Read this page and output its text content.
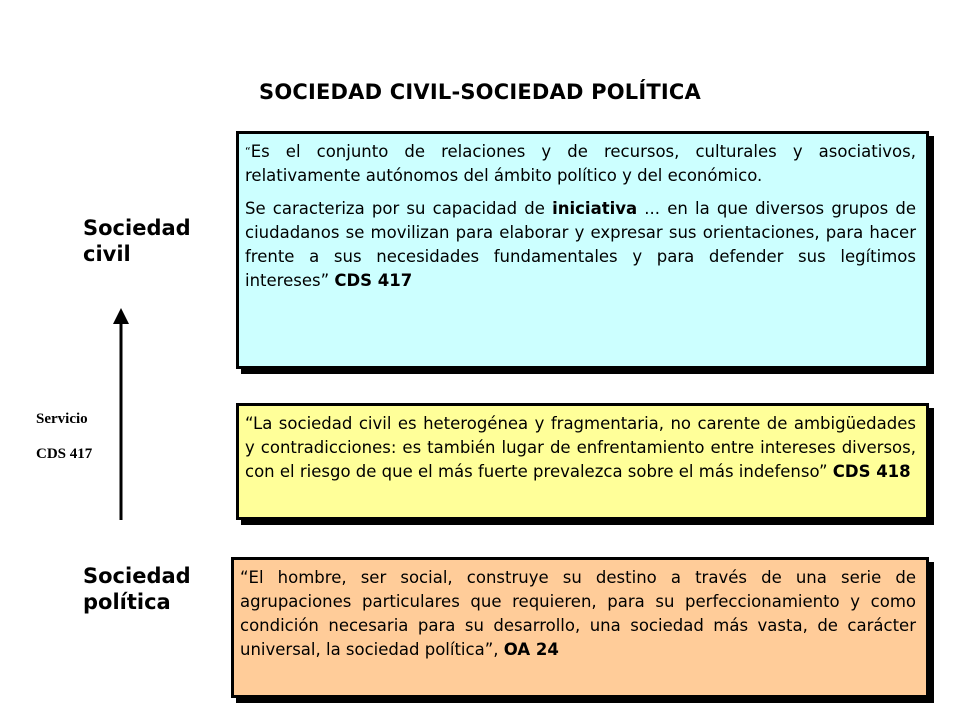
SOCIEDAD CIVIL-SOCIEDAD POLÍTICA
Sociedad
civil
Sociedad
política
Servicio
CDS 417

“Es el conjunto de relaciones y de recursos, culturales y asociativos, relativamente autónomos del ámbito político y del económico.

Se caracteriza por su capacidad de iniciativa ... en la que diversos grupos de ciudadanos se movilizan para elaborar y expresar sus orientaciones, para hacer frente a sus necesidades fundamentales y para defender sus legítimos intereses” CDS 417

“La sociedad civil es heterogénea y fragmentaria, no carente de ambigüedades y contradicciones: es también lugar de enfrentamiento entre intereses diversos, con el riesgo de que el más fuerte prevalezca sobre el más indefenso” CDS 418

“El hombre, ser social, construye su destino a través de una serie de agrupaciones particulares que requieren, para su perfeccionamiento y como condición necesaria para su desarrollo, una sociedad más vasta, de carácter universal, la sociedad política”, OA 24
